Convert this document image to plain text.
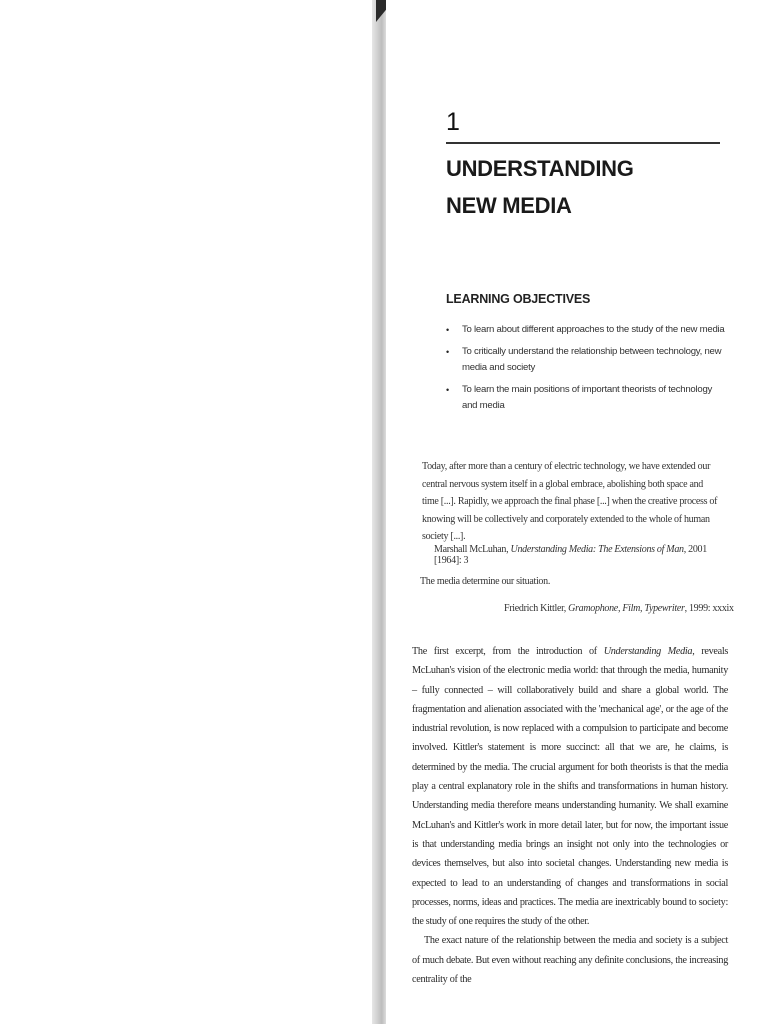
1
UNDERSTANDING
NEW MEDIA
LEARNING OBJECTIVES
• To learn about different approaches to the study of the new media
• To critically understand the relationship between technology, new media and society
• To learn the main positions of important theorists of technology and media
Today, after more than a century of electric technology, we have extended our central nervous system itself in a global embrace, abolishing both space and time [...]. Rapidly, we approach the final phase [...] when the creative process of knowing will be collectively and corporately extended to the whole of human society [...].
Marshall McLuhan, Understanding Media: The Extensions of Man, 2001 [1964]: 3
The media determine our situation.
Friedrich Kittler, Gramophone, Film, Typewriter, 1999: xxxix

The first excerpt, from the introduction of Understanding Media, reveals McLuhan's vision of the electronic media world: that through the media, humanity – fully connected – will collaboratively build and share a global world. The fragmentation and alienation associated with the 'mechanical age', or the age of the industrial revolution, is now replaced with a compulsion to participate and become involved. Kittler's statement is more succinct: all that we are, he claims, is determined by the media. The crucial argument for both theorists is that the media play a central explanatory role in the shifts and transformations in human history. Understanding media therefore means understanding humanity. We shall examine McLuhan's and Kittler's work in more detail later, but for now, the important issue is that understanding media brings an insight not only into the technologies or devices themselves, but also into societal changes. Understanding new media is expected to lead to an understanding of changes and transformations in social processes, norms, ideas and practices. The media are inextricably bound to society: the study of one requires the study of the other.

The exact nature of the relationship between the media and society is a subject of much debate. But even without reaching any definite conclusions, the increasing centrality of the
